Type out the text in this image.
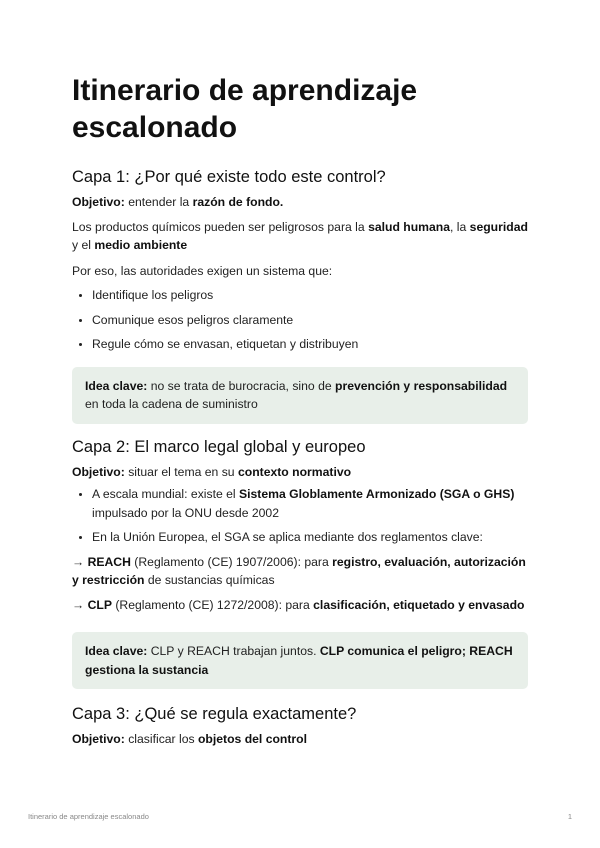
Itinerario de aprendizaje escalonado
Capa 1: ¿Por qué existe todo este control?

Objetivo: entender la razón de fondo.

Los productos químicos pueden ser peligrosos para la salud humana, la seguridad y el medio ambiente

Por eso, las autoridades exigen un sistema que:

• Identifique los peligros
• Comunique esos peligros claramente
• Regule cómo se envasan, etiquetan y distribuyen

Idea clave: no se trata de burocracia, sino de prevención y responsabilidad en toda la cadena de suministro

Capa 2: El marco legal global y europeo

Objetivo: situar el tema en su contexto normativo

• A escala mundial: existe el Sistema Globlamente Armonizado (SGA o GHS) impulsado por la ONU desde 2002
• En la Unión Europea, el SGA se aplica mediante dos reglamentos clave:

→ REACH (Reglamento (CE) 1907/2006): para registro, evaluación, autorización y restricción de sustancias químicas

→ CLP (Reglamento (CE) 1272/2008): para clasificación, etiquetado y envasado

Idea clave: CLP y REACH trabajan juntos. CLP comunica el peligro; REACH gestiona la sustancia

Capa 3: ¿Qué se regula exactamente?

Objetivo: clasificar los objetos del control

Itinerario de aprendizaje escalonado	1
